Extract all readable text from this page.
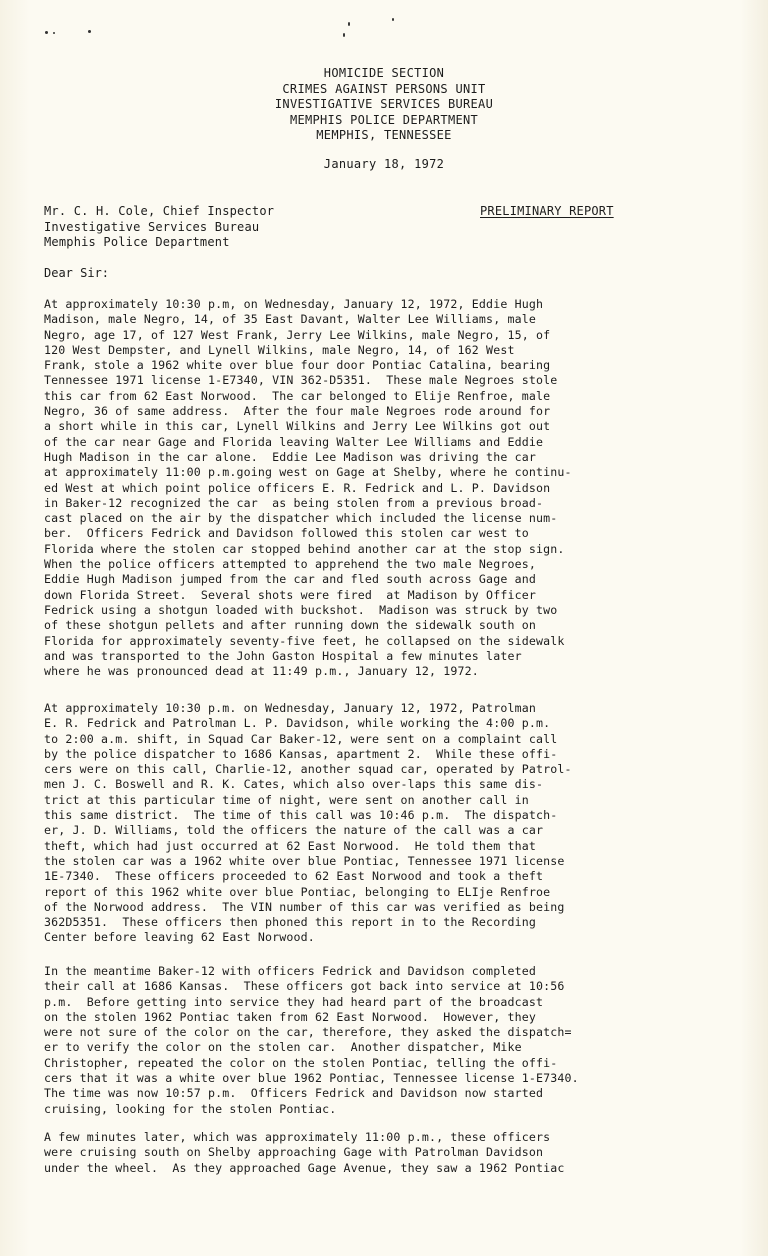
HOMICIDE SECTION
CRIMES AGAINST PERSONS UNIT
INVESTIGATIVE SERVICES BUREAU
MEMPHIS POLICE DEPARTMENT
MEMPHIS, TENNESSEE
January 18, 1972
Mr. C. H. Cole, Chief Inspector
Investigative Services Bureau
Memphis Police Department
PRELIMINARY REPORT
Dear Sir:
At approximately 10:30 p.m, on Wednesday, January 12, 1972, Eddie Hugh
Madison, male Negro, 14, of 35 East Davant, Walter Lee Williams, male
Negro, age 17, of 127 West Frank, Jerry Lee Wilkins, male Negro, 15, of
120 West Dempster, and Lynell Wilkins, male Negro, 14, of 162 West
Frank, stole a 1962 white over blue four door Pontiac Catalina, bearing
Tennessee 1971 license 1-E7340, VIN 362-D5351.  These male Negroes stole
this car from 62 East Norwood.  The car belonged to Elije Renfroe, male
Negro, 36 of same address.  After the four male Negroes rode around for
a short while in this car, Lynell Wilkins and Jerry Lee Wilkins got out
of the car near Gage and Florida leaving Walter Lee Williams and Eddie
Hugh Madison in the car alone.  Eddie Lee Madison was driving the car
at approximately 11:00 p.m.going west on Gage at Shelby, where he continu-
ed West at which point police officers E. R. Fedrick and L. P. Davidson
in Baker-12 recognized the car  as being stolen from a previous broad-
cast placed on the air by the dispatcher which included the license num-
ber.  Officers Fedrick and Davidson followed this stolen car west to
Florida where the stolen car stopped behind another car at the stop sign.
When the police officers attempted to apprehend the two male Negroes,
Eddie Hugh Madison jumped from the car and fled south across Gage and
down Florida Street.  Several shots were fired  at Madison by Officer
Fedrick using a shotgun loaded with buckshot.  Madison was struck by two
of these shotgun pellets and after running down the sidewalk south on
Florida for approximately seventy-five feet, he collapsed on the sidewalk
and was transported to the John Gaston Hospital a few minutes later
where he was pronounced dead at 11:49 p.m., January 12, 1972.
At approximately 10:30 p.m. on Wednesday, January 12, 1972, Patrolman
E. R. Fedrick and Patrolman L. P. Davidson, while working the 4:00 p.m.
to 2:00 a.m. shift, in Squad Car Baker-12, were sent on a complaint call
by the police dispatcher to 1686 Kansas, apartment 2.  While these offi-
cers were on this call, Charlie-12, another squad car, operated by Patrol-
men J. C. Boswell and R. K. Cates, which also over-laps this same dis-
trict at this particular time of night, were sent on another call in
this same district.  The time of this call was 10:46 p.m.  The dispatch-
er, J. D. Williams, told the officers the nature of the call was a car
theft, which had just occurred at 62 East Norwood.  He told them that
the stolen car was a 1962 white over blue Pontiac, Tennessee 1971 license
1E-7340.  These officers proceeded to 62 East Norwood and took a theft
report of this 1962 white over blue Pontiac, belonging to ELIje Renfroe
of the Norwood address.  The VIN number of this car was verified as being
362D5351.  These officers then phoned this report in to the Recording
Center before leaving 62 East Norwood.
In the meantime Baker-12 with officers Fedrick and Davidson completed
their call at 1686 Kansas.  These officers got back into service at 10:56
p.m.  Before getting into service they had heard part of the broadcast
on the stolen 1962 Pontiac taken from 62 East Norwood.  However, they
were not sure of the color on the car, therefore, they asked the dispatch=
er to verify the color on the stolen car.  Another dispatcher, Mike
Christopher, repeated the color on the stolen Pontiac, telling the offi-
cers that it was a white over blue 1962 Pontiac, Tennessee license 1-E7340.
The time was now 10:57 p.m.  Officers Fedrick and Davidson now started
cruising, looking for the stolen Pontiac.
A few minutes later, which was approximately 11:00 p.m., these officers
were cruising south on Shelby approaching Gage with Patrolman Davidson
under the wheel.  As they approached Gage Avenue, they saw a 1962 Pontiac
